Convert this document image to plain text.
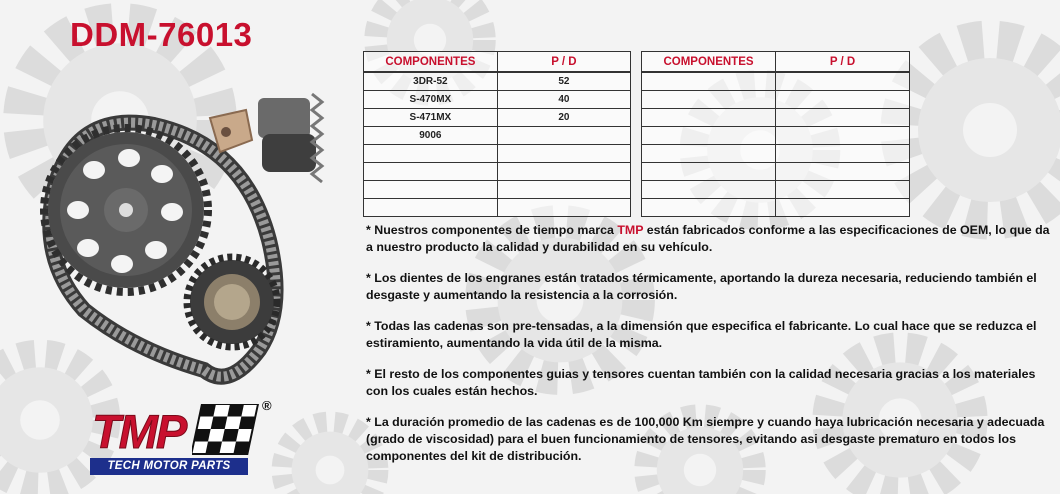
DDM-76013
COMPONENTES	P / D
3DR-52	52
S-470MX	40
S-471MX	20
9006	

COMPONENTES	P / D

* Nuestros componentes de tiempo marca TMP están fabricados conforme a las especificaciones de OEM, lo que da a nuestro producto la calidad y durabilidad en su vehículo.

* Los dientes de los engranes están tratados térmicamente, aportando la dureza necesaria, reduciendo también el desgaste y aumentando la resistencia a la corrosión.

* Todas las cadenas son pre-tensadas, a la dimensión que especifica el fabricante. Lo cual hace que se reduzca el estiramiento, aumentando la vida útil de la misma.

* El resto de los componentes guias y tensores cuentan también con la calidad necesaria gracias a los materiales con los cuales están hechos.

* La duración promedio de las cadenas es de 100,000 Km siempre y cuando haya lubricación necesaria y adecuada (grado de viscosidad) para el buen funcionamiento de tensores, evitando asi desgaste prematuro en todos los componentes del kit de distribución.

TMP	®
TECH MOTOR PARTS
